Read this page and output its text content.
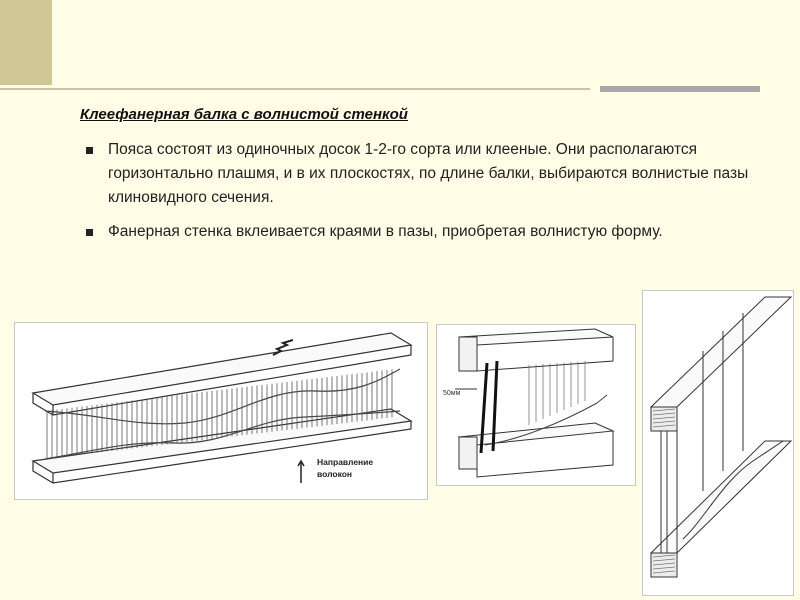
Клеефанерная балка с волнистой стенкой
Пояса состоят из одиночных досок 1-2-го сорта или клееные. Они располагаются горизонтально плашмя, и в их плоскостях, по длине балки, выбираются волнистые пазы клиновидного сечения.
Фанерная стенка вклеивается краями в пазы, приобретая волнистую форму.
Направление
волокон
50мм
